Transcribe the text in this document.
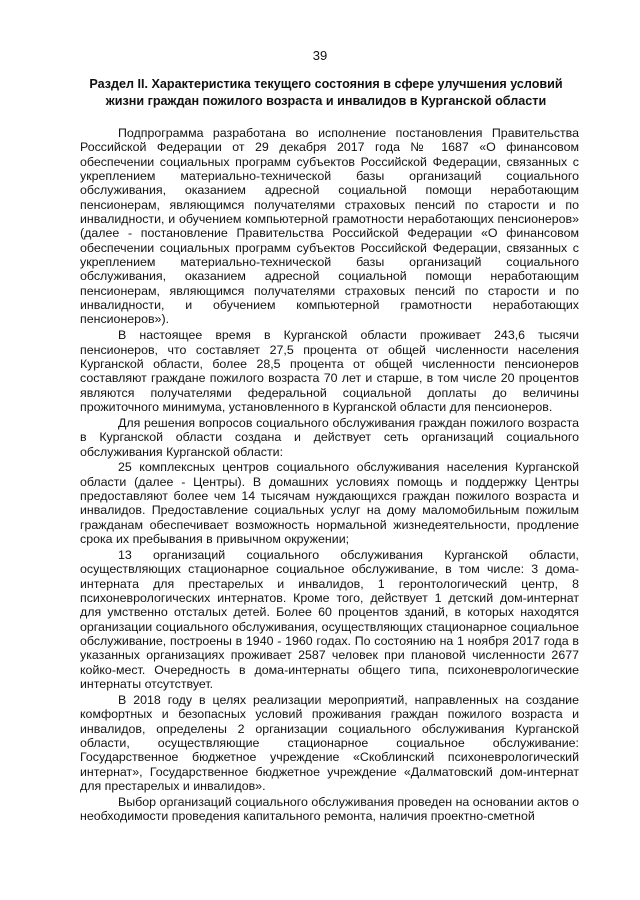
39
Раздел II. Характеристика текущего состояния в сфере улучшения условий жизни граждан пожилого возраста и инвалидов в Курганской области

Подпрограмма разработана во исполнение постановления Правительства Российской Федерации от 29 декабря 2017 года № 1687 «О финансовом обеспечении социальных программ субъектов Российской Федерации, связанных с укреплением материально-технической базы организаций социального обслуживания, оказанием адресной социальной помощи неработающим пенсионерам, являющимся получателями страховых пенсий по старости и по инвалидности, и обучением компьютерной грамотности неработающих пенсионеров» (далее - постановление Правительства Российской Федерации «О финансовом обеспечении социальных программ субъектов Российской Федерации, связанных с укреплением материально-технической базы организаций социального обслуживания, оказанием адресной социальной помощи неработающим пенсионерам, являющимся получателями страховых пенсий по старости и по инвалидности, и обучением компьютерной грамотности неработающих пенсионеров»).

В настоящее время в Курганской области проживает 243,6 тысячи пенсионеров, что составляет 27,5 процента от общей численности населения Курганской области, более 28,5 процента от общей численности пенсионеров составляют граждане пожилого возраста 70 лет и старше, в том числе 20 процентов являются получателями федеральной социальной доплаты до величины прожиточного минимума, установленного в Курганской области для пенсионеров.

Для решения вопросов социального обслуживания граждан пожилого возраста в Курганской области создана и действует сеть организаций социального обслуживания Курганской области:

25 комплексных центров социального обслуживания населения Курганской области (далее - Центры). В домашних условиях помощь и поддержку Центры предоставляют более чем 14 тысячам нуждающихся граждан пожилого возраста и инвалидов. Предоставление социальных услуг на дому маломобильным пожилым гражданам обеспечивает возможность нормальной жизнедеятельности, продление срока их пребывания в привычном окружении;

13 организаций социального обслуживания Курганской области, осуществляющих стационарное социальное обслуживание, в том числе: 3 дома-интерната для престарелых и инвалидов, 1 геронтологический центр, 8 психоневрологических интернатов. Кроме того, действует 1 детский дом-интернат для умственно отсталых детей. Более 60 процентов зданий, в которых находятся организации социального обслуживания, осуществляющих стационарное социальное обслуживание, построены в 1940 - 1960 годах. По состоянию на 1 ноября 2017 года в указанных организациях проживает 2587 человек при плановой численности 2677 койко-мест. Очередность в дома-интернаты общего типа, психоневрологические интернаты отсутствует.

В 2018 году в целях реализации мероприятий, направленных на создание комфортных и безопасных условий проживания граждан пожилого возраста и инвалидов, определены 2 организации социального обслуживания Курганской области, осуществляющие стационарное социальное обслуживание: Государственное бюджетное учреждение «Скоблинский психоневрологический интернат», Государственное бюджетное учреждение «Далматовский дом-интернат для престарелых и инвалидов».

Выбор организаций социального обслуживания проведен на основании актов о необходимости проведения капитального ремонта, наличия проектно-сметной
